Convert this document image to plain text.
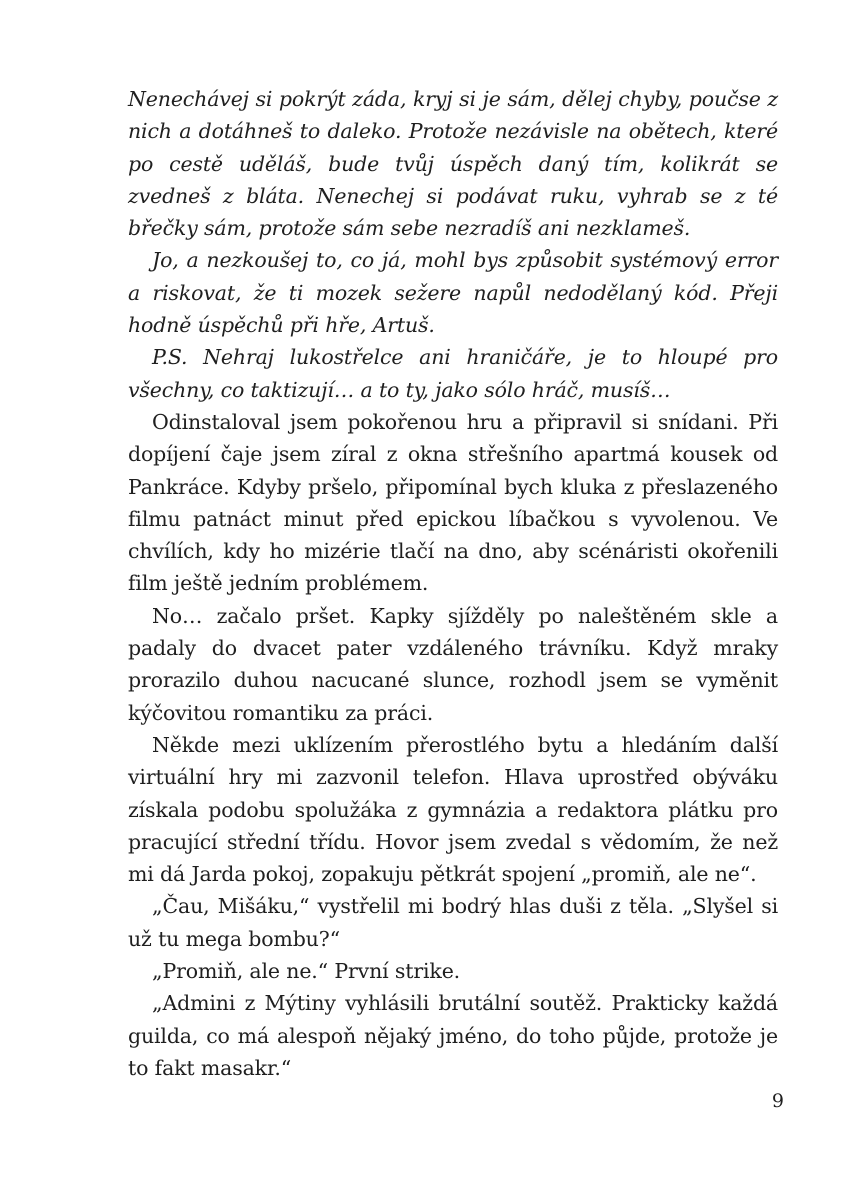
Nenechávej si pokrýt záda, kryj si je sám, dělej chyby, poučse z nich a dotáhneš to daleko. Protože nezávisle na obětech, které po cestě uděláš, bude tvůj úspěch daný tím, kolikrát se zvedneš z bláta. Nenechej si podávat ruku, vyhrab se z té břečky sám, protože sám sebe nezradíš ani nezklameš.

Jo, a nezkoušej to, co já, mohl bys způsobit systémový error a riskovat, že ti mozek sežere napůl nedodělaný kód. Přeji hodně úspěchů při hře, Artuš.

P.S. Nehraj lukostřelce ani hraničáře, je to hloupé pro všechny, co taktizují… a to ty, jako sólo hráč, musíš…

Odinstaloval jsem pokořenou hru a připravil si snídani. Při dopíjení čaje jsem zíral z okna střešního apartmá kousek od Pankráce. Kdyby pršelo, připomínal bych kluka z přeslazeného filmu patnáct minut před epickou líbačkou s vyvolenou. Ve chvílích, kdy ho mizérie tlačí na dno, aby scénáristi okořenili film ještě jedním problémem.

No… začalo pršet. Kapky sjížděly po naleštěném skle a padaly do dvacet pater vzdáleného trávníku. Když mraky prorazilo duhou nacucané slunce, rozhodl jsem se vyměnit kýčovitou romantiku za práci.

Někde mezi uklízením přerostlého bytu a hledáním další virtuální hry mi zazvonil telefon. Hlava uprostřed obýváku získala podobu spolužáka z gymnázia a redaktora plátku pro pracující střední třídu. Hovor jsem zvedal s vědomím, že než mi dá Jarda pokoj, zopakuju pětkrát spojení „promiň, ale ne“.

„Čau, Mišáku,“ vystřelil mi bodrý hlas duši z těla. „Slyšel si už tu mega bombu?“

„Promiň, ale ne.“ První strike.

„Admini z Mýtiny vyhlásili brutální soutěž. Prakticky každá guilda, co má alespoň nějaký jméno, do toho půjde, protože je to fakt masakr.“

9
